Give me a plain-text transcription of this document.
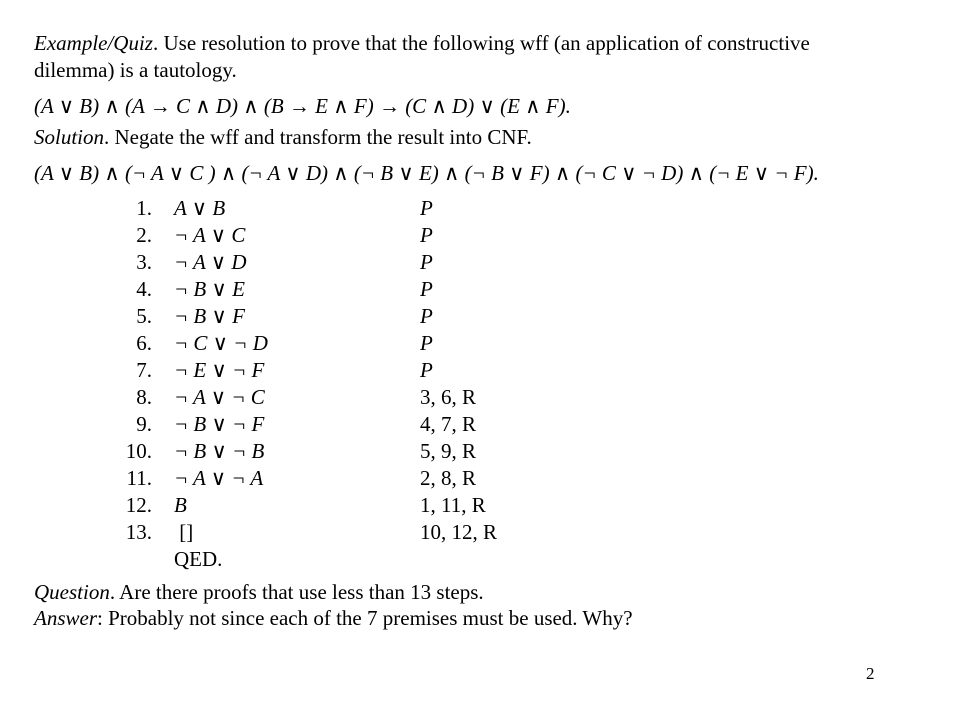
Example/Quiz. Use resolution to prove that the following wff (an application of constructive
dilemma) is a tautology.
(A ∨ B) ∧ (A → C ∧ D) ∧ (B → E ∧ F) → (C ∧ D) ∨ (E ∧ F).
Solution. Negate the wff and transform the result into CNF.
(A ∨ B) ∧ (¬ A ∨ C ) ∧ (¬ A ∨ D) ∧ (¬ B ∨ E) ∧ (¬ B ∨ F) ∧ (¬ C ∨ ¬ D) ∧ (¬ E ∨ ¬ F).
1. A ∨ B	P
2. ¬ A ∨ C	P
3. ¬ A ∨ D	P
4. ¬ B ∨ E	P
5. ¬ B ∨ F	P
6. ¬ C ∨ ¬ D	P
7. ¬ E ∨ ¬ F	P
8. ¬ A ∨ ¬ C	3, 6, R
9. ¬ B ∨ ¬ F	4, 7, R
10. ¬ B ∨ ¬ B	5, 9, R
11. ¬ A ∨ ¬ A	2, 8, R
12. B	1, 11, R
13. []	10, 12, R
QED.
Question. Are there proofs that use less than 13 steps.
Answer: Probably not since each of the 7 premises must be used. Why?
2
